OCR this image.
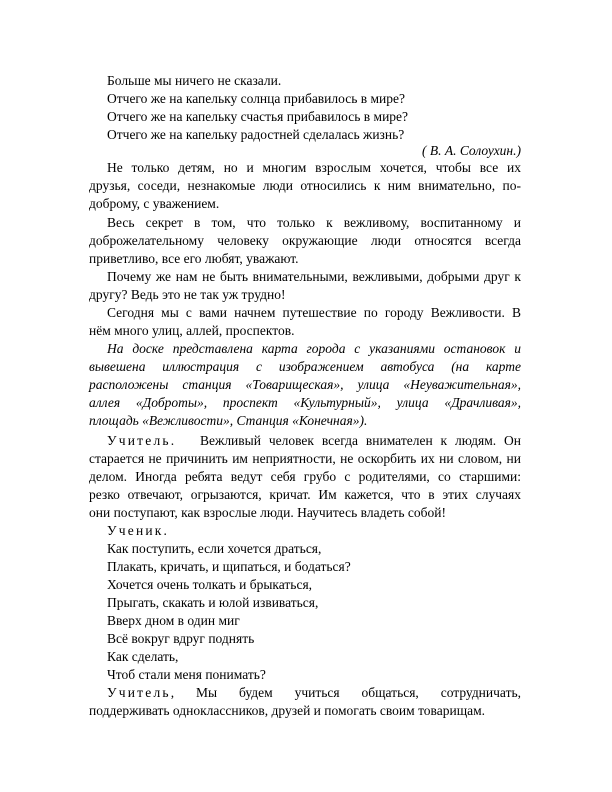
Больше мы ничего не сказали.
Отчего же на капельку солнца прибавилось в мире?
Отчего же на капельку счастья прибавилось в мире?
Отчего же на капельку радостней сделалась жизнь?
( В. А. Солоухин.)
Не только детям, но и многим взрослым хочется, чтобы все их
друзья, соседи, незнакомые люди относились к ним внимательно, по-
доброму, с уважением.
Весь секрет в том, что только к вежливому, воспитанному и
доброжелательному человеку окружающие люди относятся всегда
приветливо, все его любят, уважают.
Почему же нам не быть внимательными, вежливыми, добрыми друг к
другу? Ведь это не так уж трудно!
Сегодня мы с вами начнем путешествие по городу Вежливости. В
нём много улиц, аллей, проспектов.
На доске представлена карта города с указаниями остановок и
вывешена иллюстрация с изображением автобуса (на карте
расположены станция «Товарищеская», улица «Неуважительная»,
аллея «Доброты», проспект «Культурный», улица «Драчливая»,
площадь «Вежливости», Станция «Конечная»).
Учитель. Вежливый человек всегда внимателен к людям. Он
старается не причинить им неприятности, не оскорбить их ни словом, ни
делом. Иногда ребята ведут себя грубо с родителями, со старшими:
резко отвечают, огрызаются, кричат. Им кажется, что в этих случаях
они поступают, как взрослые люди. Научитесь владеть собой!
Ученик.
Как поступить, если хочется драться,
Плакать, кричать, и щипаться, и бодаться?
Хочется очень толкать и брыкаться,
Прыгать, скакать и юлой извиваться,
Вверх дном в один миг
Всё вокруг вдруг поднять
Как сделать,
Чтоб стали меня понимать?
Учитель, Мы будем учиться общаться, сотрудничать,
поддерживать одноклассников, друзей и помогать своим товарищам.
